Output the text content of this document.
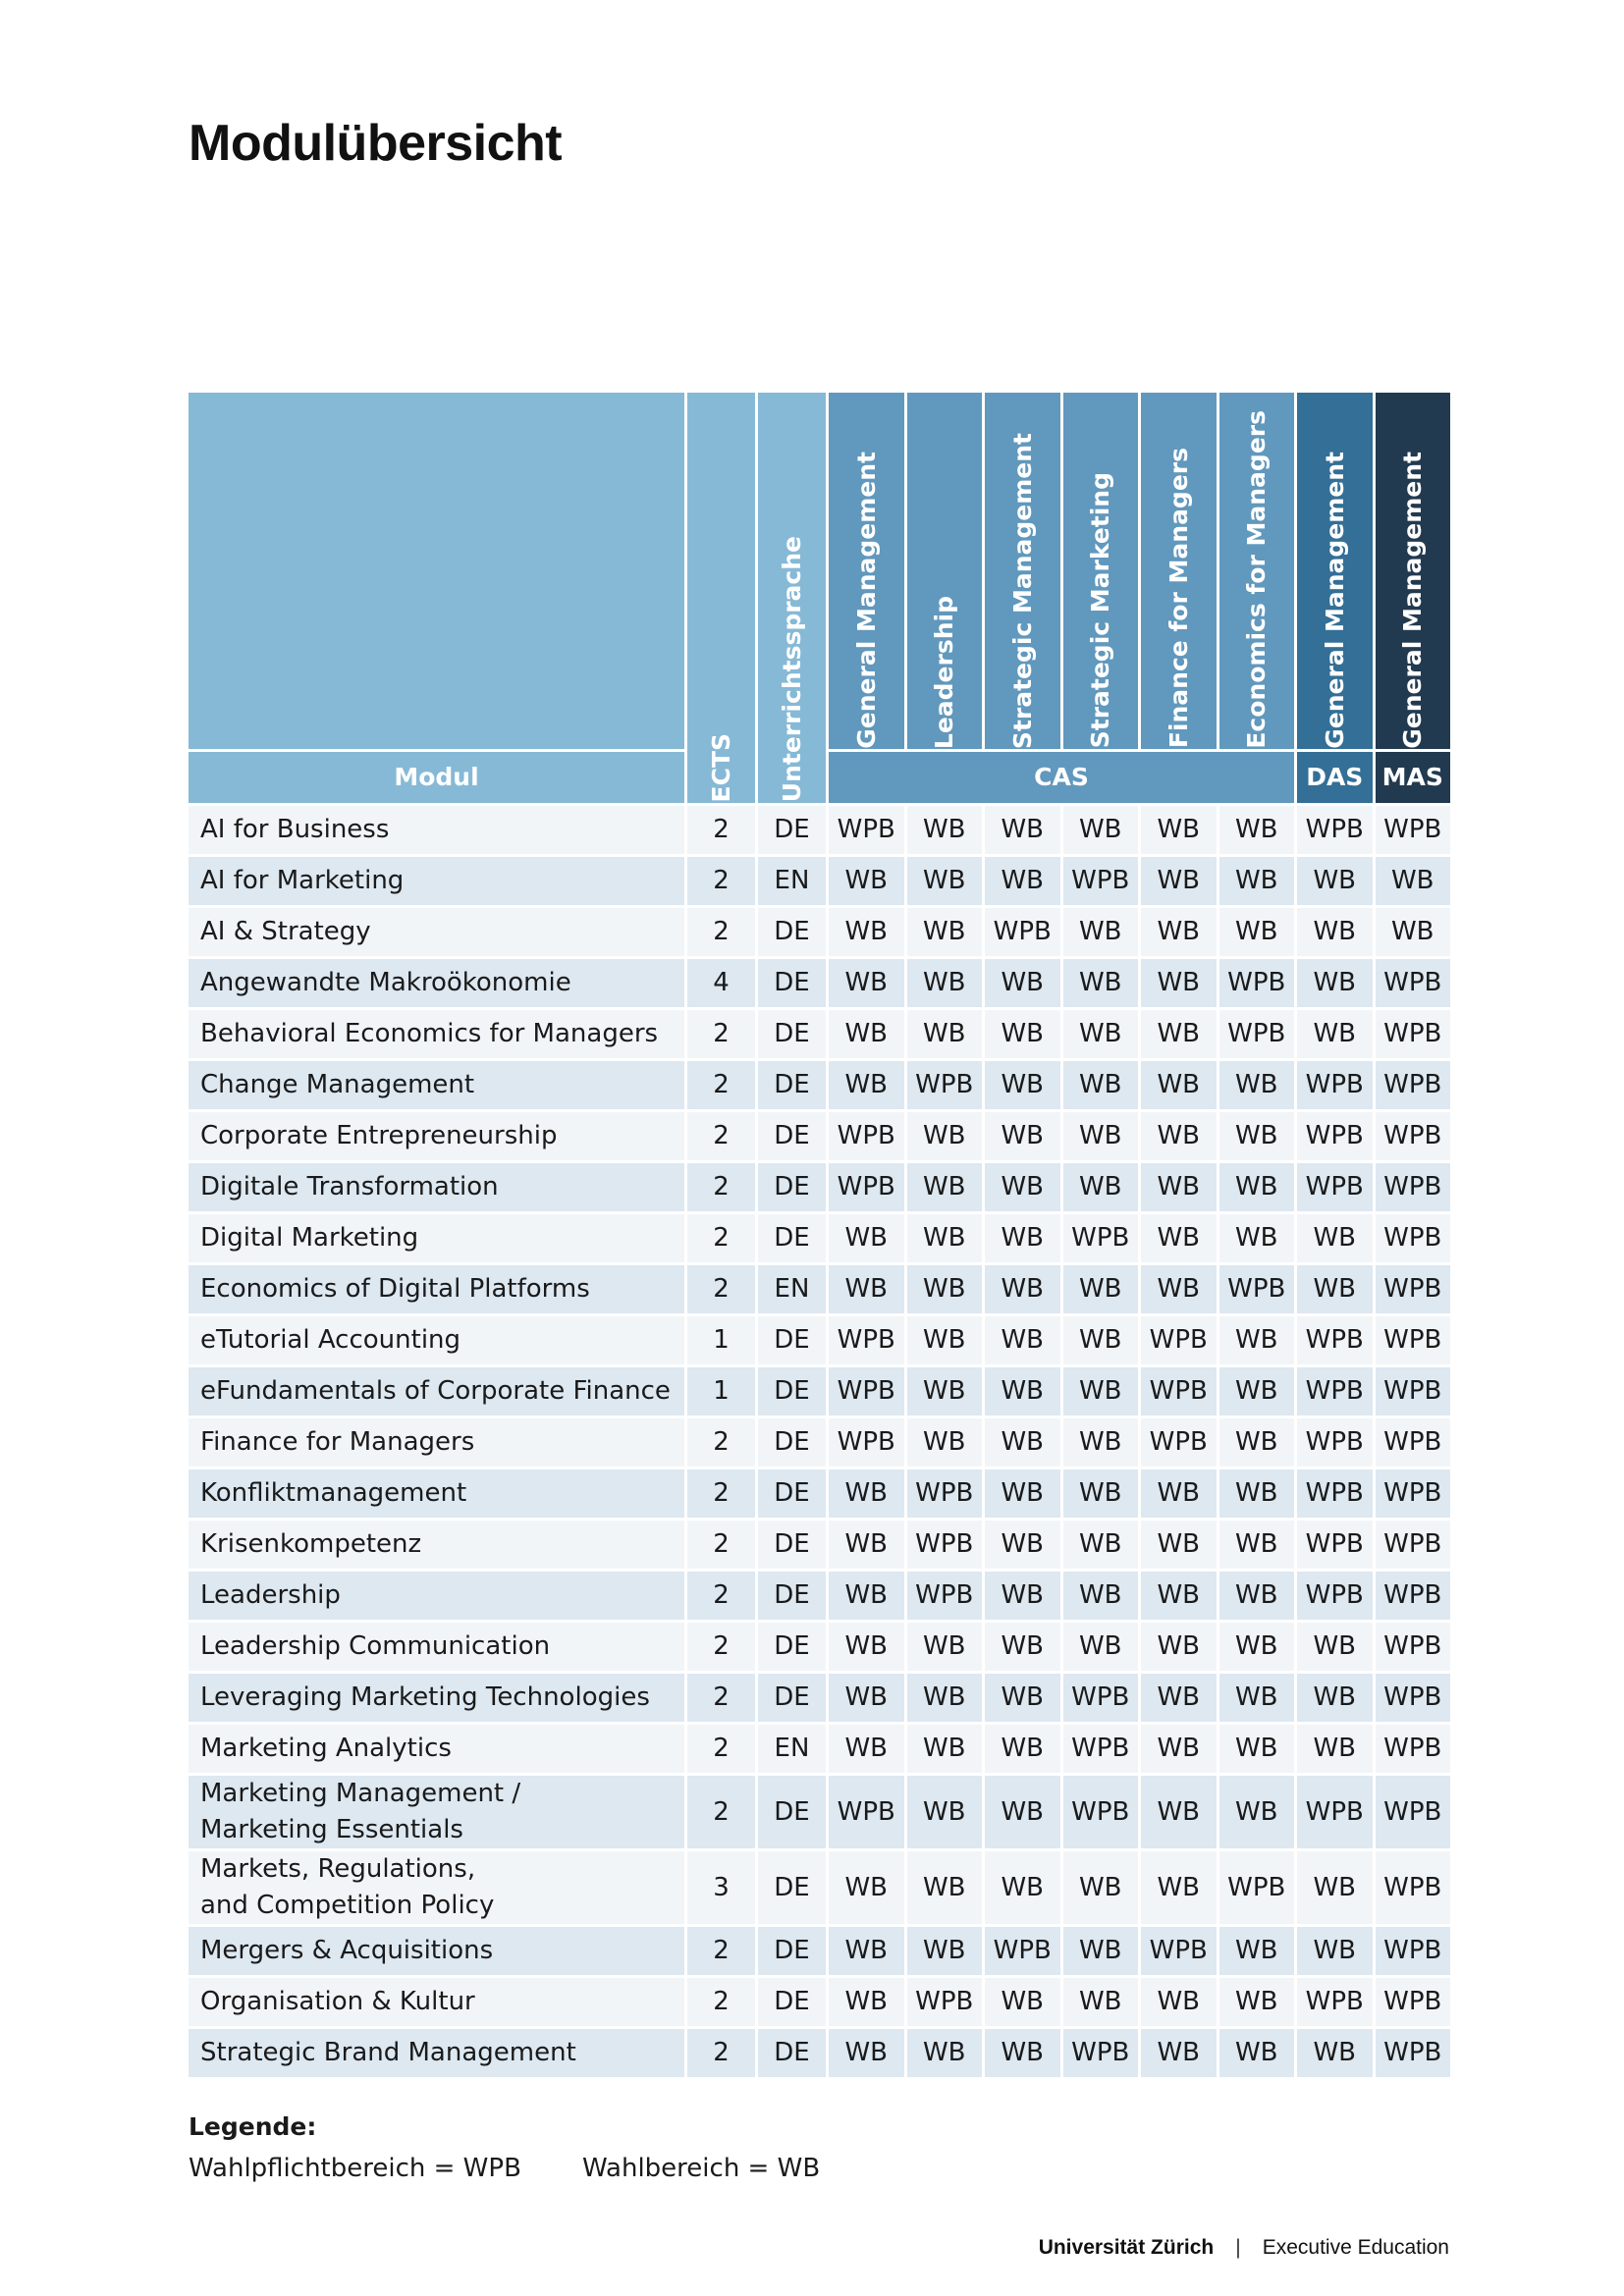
Modulübersicht

	ECTS	Unterrichtssprache	General Management	Leadership	Strategic Management	Strategic Marketing	Finance for Managers	Economics for Managers	General Management	General Management

Modul			CAS						DAS	MAS

AI for Business	2	DE	WPB	WB	WB	WB	WB	WB	WPB	WPB

AI for Marketing	2	EN	WB	WB	WB	WPB	WB	WB	WB	WB

AI & Strategy	2	DE	WB	WB	WPB	WB	WB	WB	WB	WB

Angewandte Makroökonomie	4	DE	WB	WB	WB	WB	WB	WPB	WB	WPB

Behavioral Economics for Managers	2	DE	WB	WB	WB	WB	WB	WPB	WB	WPB

Change Management	2	DE	WB	WPB	WB	WB	WB	WB	WPB	WPB

Corporate Entrepreneurship	2	DE	WPB	WB	WB	WB	WB	WB	WPB	WPB

Digitale Transformation	2	DE	WPB	WB	WB	WB	WB	WB	WPB	WPB

Digital Marketing	2	DE	WB	WB	WB	WPB	WB	WB	WB	WPB

Economics of Digital Platforms	2	EN	WB	WB	WB	WB	WB	WPB	WB	WPB

eTutorial Accounting	1	DE	WPB	WB	WB	WB	WPB	WB	WPB	WPB

eFundamentals of Corporate Finance	1	DE	WPB	WB	WB	WB	WPB	WB	WPB	WPB

Finance for Managers	2	DE	WPB	WB	WB	WB	WPB	WB	WPB	WPB

Konfliktmanagement	2	DE	WB	WPB	WB	WB	WB	WB	WPB	WPB

Krisenkompetenz	2	DE	WB	WPB	WB	WB	WB	WB	WPB	WPB

Leadership	2	DE	WB	WPB	WB	WB	WB	WB	WPB	WPB

Leadership Communication	2	DE	WB	WB	WB	WB	WB	WB	WB	WPB

Leveraging Marketing Technologies	2	DE	WB	WB	WB	WPB	WB	WB	WB	WPB

Marketing Analytics	2	EN	WB	WB	WB	WPB	WB	WB	WB	WPB

Marketing Management /
Marketing Essentials	2	DE	WPB	WB	WB	WPB	WB	WB	WPB	WPB

Markets, Regulations,
and Competition Policy	3	DE	WB	WB	WB	WB	WB	WPB	WB	WPB

Mergers & Acquisitions	2	DE	WB	WB	WPB	WB	WPB	WB	WB	WPB

Organisation & Kultur	2	DE	WB	WPB	WB	WB	WB	WB	WPB	WPB

Strategic Brand Management	2	DE	WB	WB	WB	WPB	WB	WB	WB	WPB
Legende:
Wahlpflichtbereich = WPB Wahlbereich = WB
Universität Zürich | Executive Education
